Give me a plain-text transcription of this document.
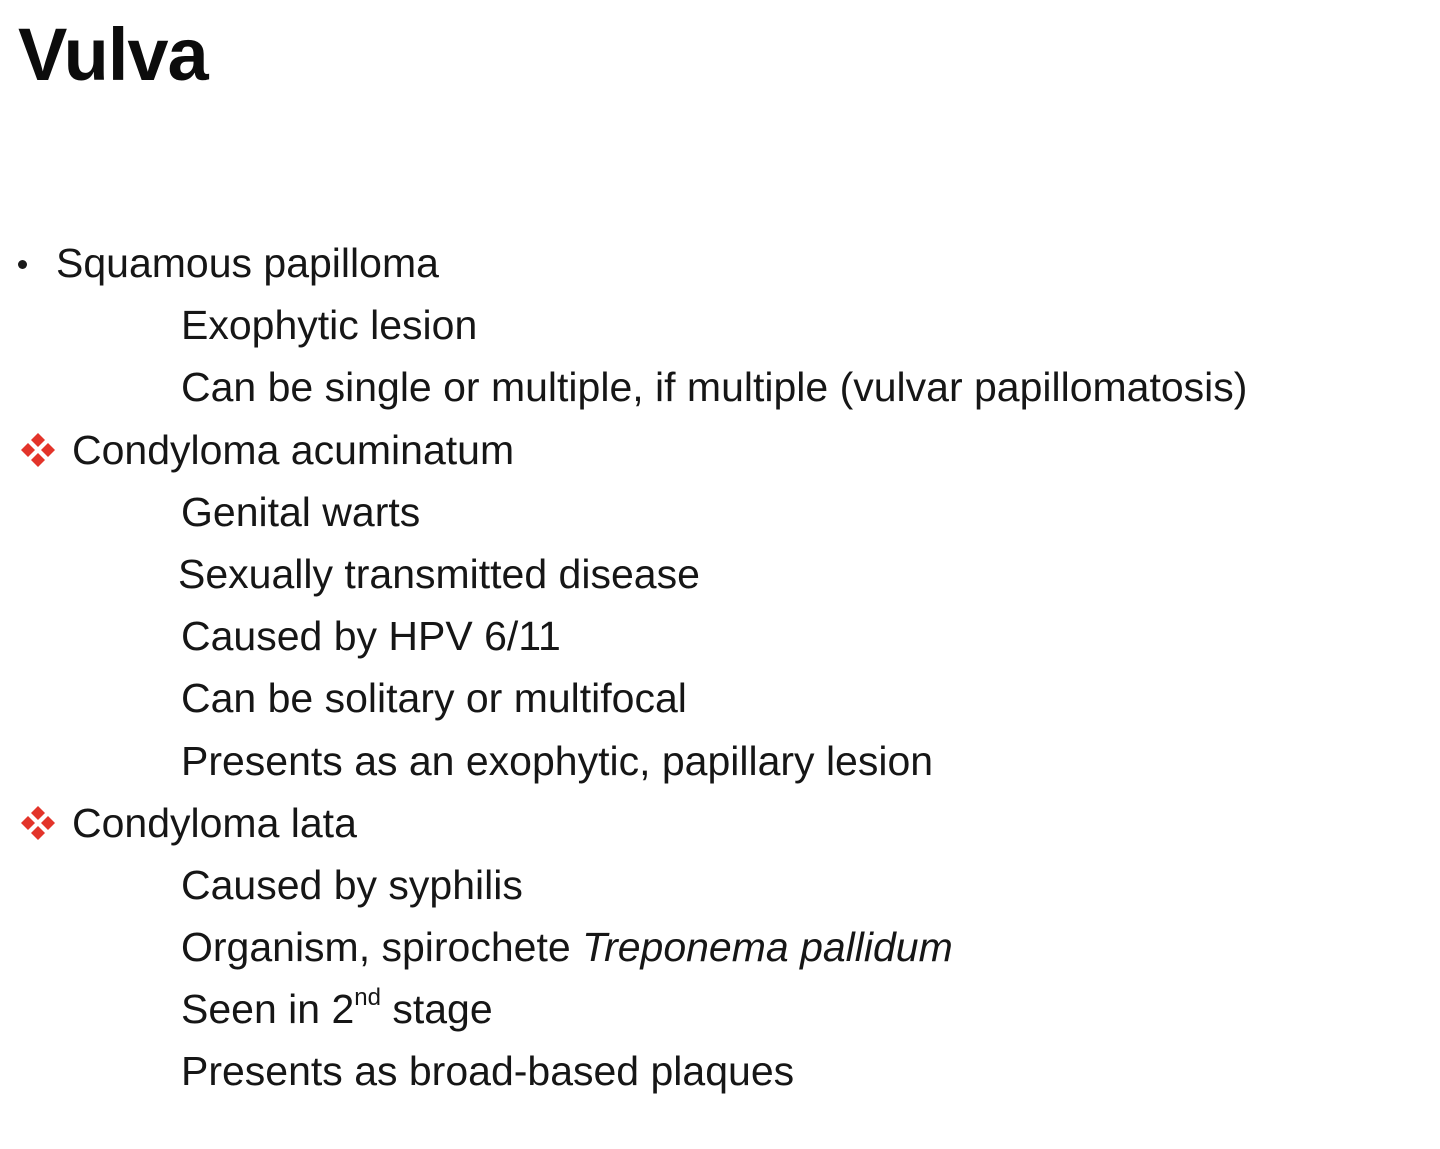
Vulva
Squamous papilloma
Exophytic lesion
Can be single or multiple, if multiple (vulvar papillomatosis)
Condyloma acuminatum
Genital warts
Sexually transmitted disease
Caused by HPV 6/11
Can be solitary or multifocal
Presents as an exophytic, papillary lesion
Condyloma lata
Caused by syphilis
Organism, spirochete Treponema pallidum
Seen in 2nd stage
Presents as broad-based plaques
